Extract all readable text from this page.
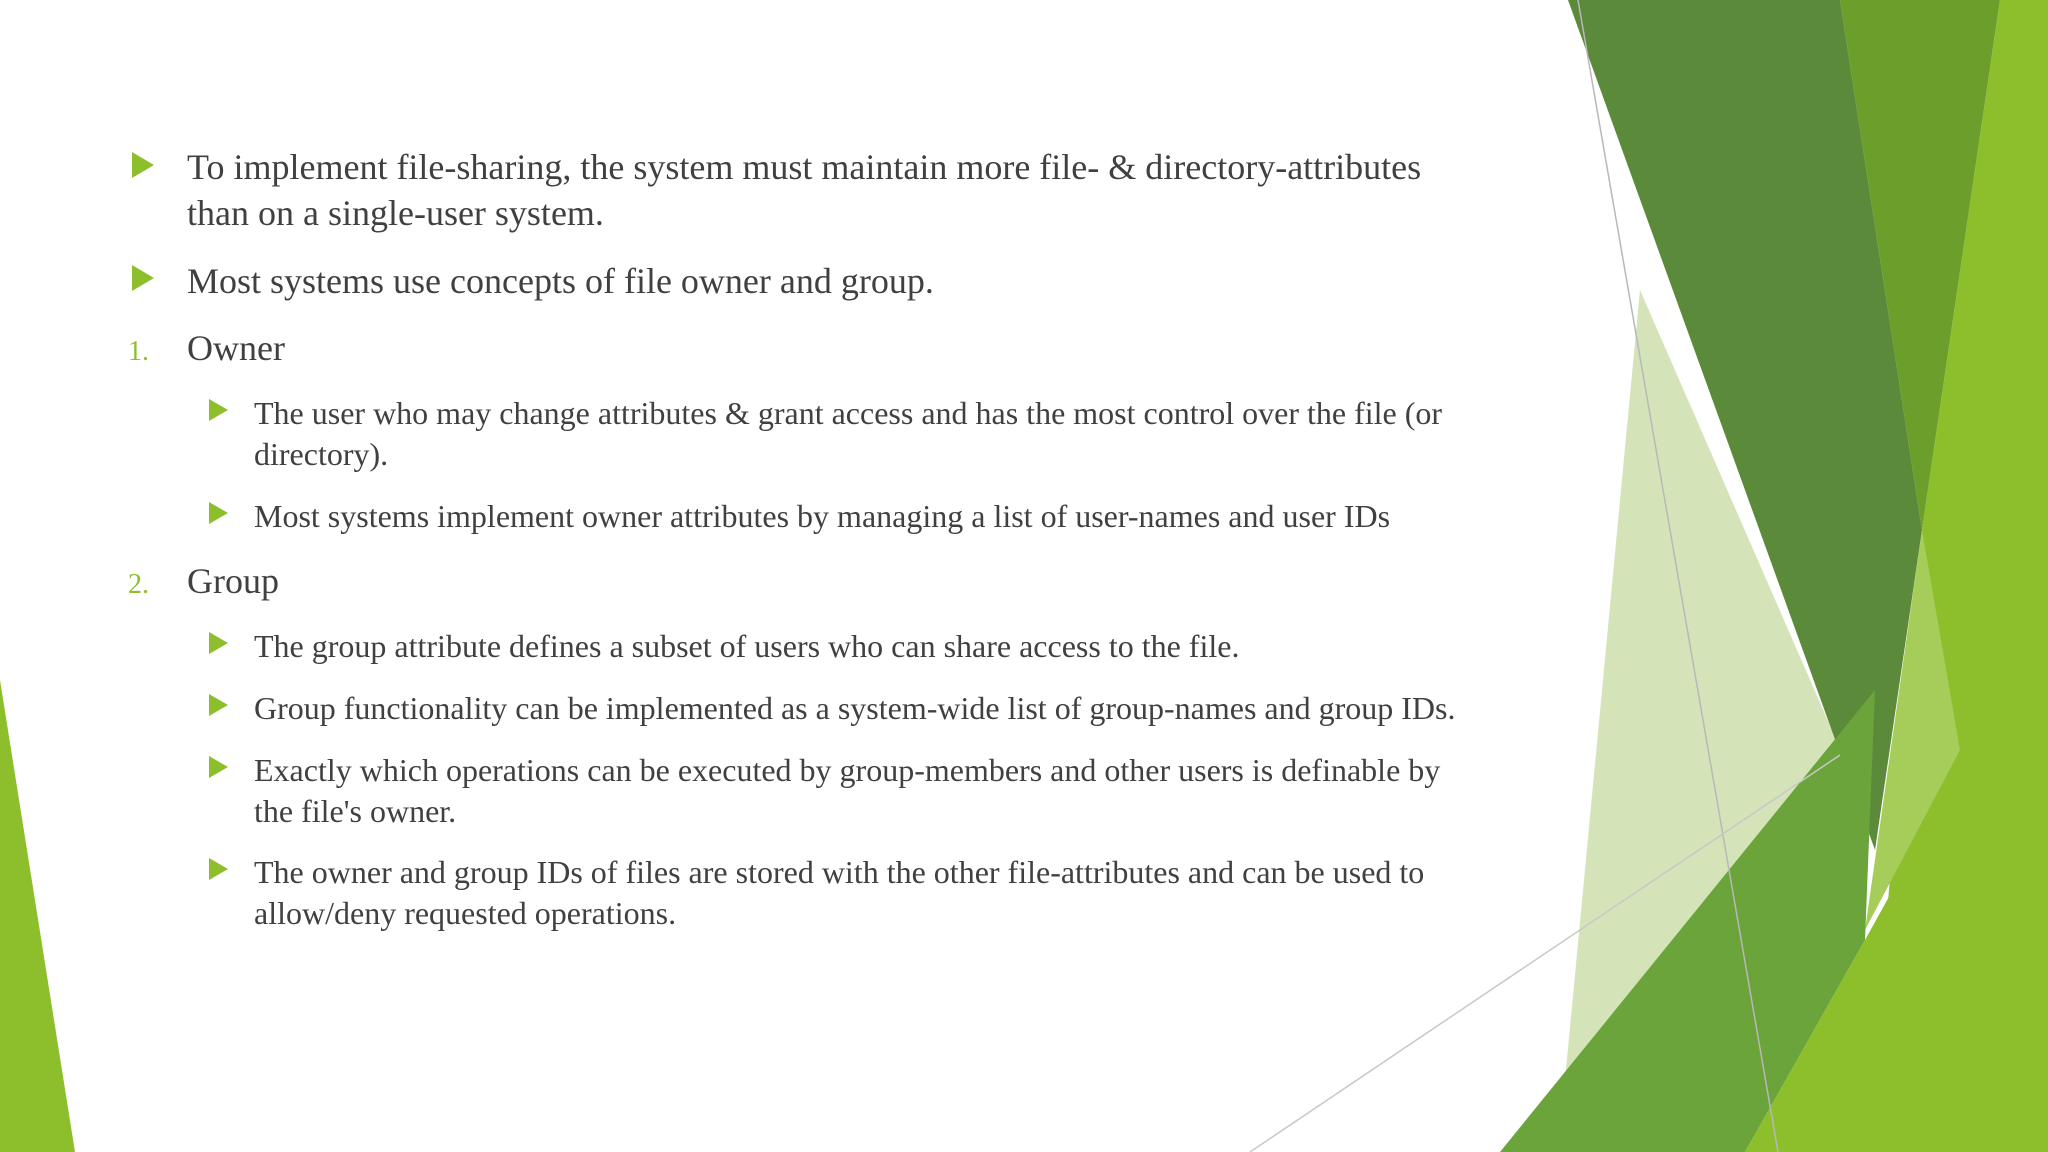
To implement file-sharing, the system must maintain more file- & directory-attributes
than on a single-user system.
Most systems use concepts of file owner and group.
1. Owner
The user who may change attributes & grant access and has the most control over the file (or
directory).
Most systems implement owner attributes by managing a list of user-names and user IDs
2. Group
The group attribute defines a subset of users who can share access to the file.
Group functionality can be implemented as a system-wide list of group-names and group IDs.
Exactly which operations can be executed by group-members and other users is definable by
the file's owner.
The owner and group IDs of files are stored with the other file-attributes and can be used to
allow/deny requested operations.
